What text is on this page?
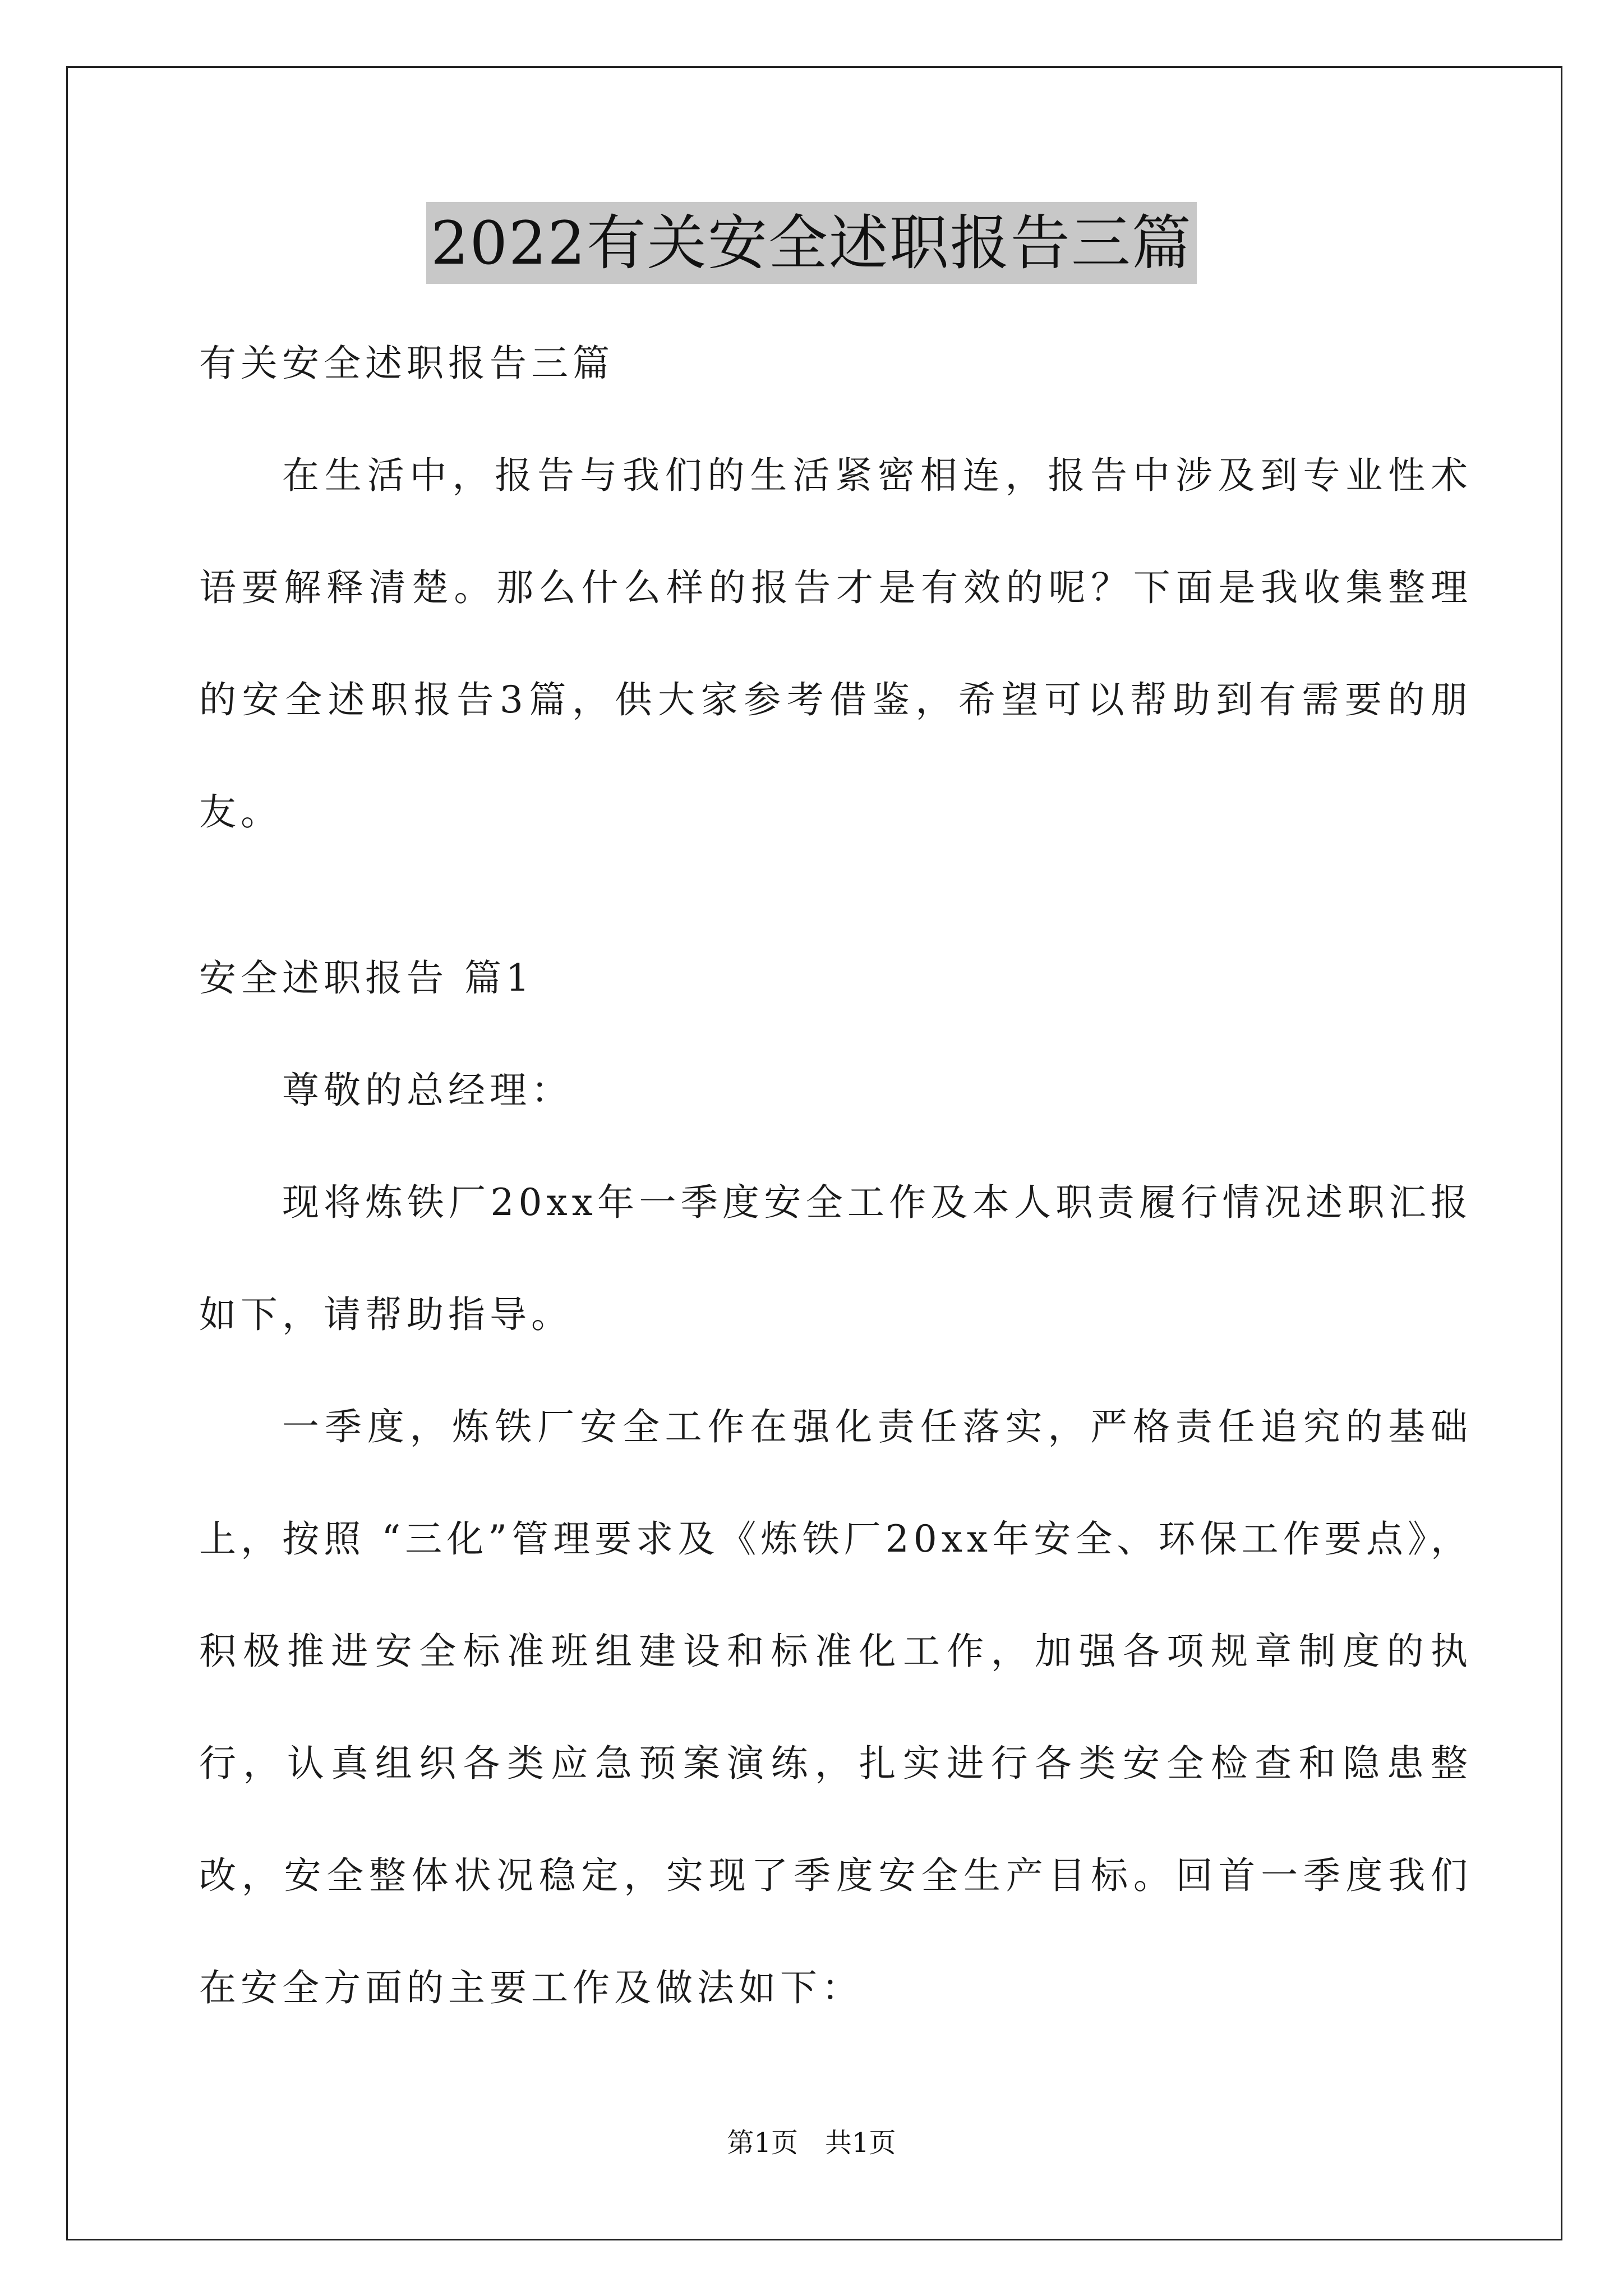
2022有关安全述职报告三篇

有关安全述职报告三篇

在生活中，报告与我们的生活紧密相连，报告中涉及到专业性术语要解释清楚。那么什么样的报告才是有效的呢？下面是我收集整理的安全述职报告3篇，供大家参考借鉴，希望可以帮助到有需要的朋友。

安全述职报告 篇1

尊敬的总经理：

现将炼铁厂20xx年一季度安全工作及本人职责履行情况述职汇报如下，请帮助指导。

一季度，炼铁厂安全工作在强化责任落实，严格责任追究的基础上，按照 “三化”管理要求及《炼铁厂20xx年安全、环保工作要点》，积极推进安全标准班组建设和标准化工作，加强各项规章制度的执行，认真组织各类应急预案演练，扎实进行各类安全检查和隐患整改，安全整体状况稳定，实现了季度安全生产目标。回首一季度我们在安全方面的主要工作及做法如下：

第1页　共1页
